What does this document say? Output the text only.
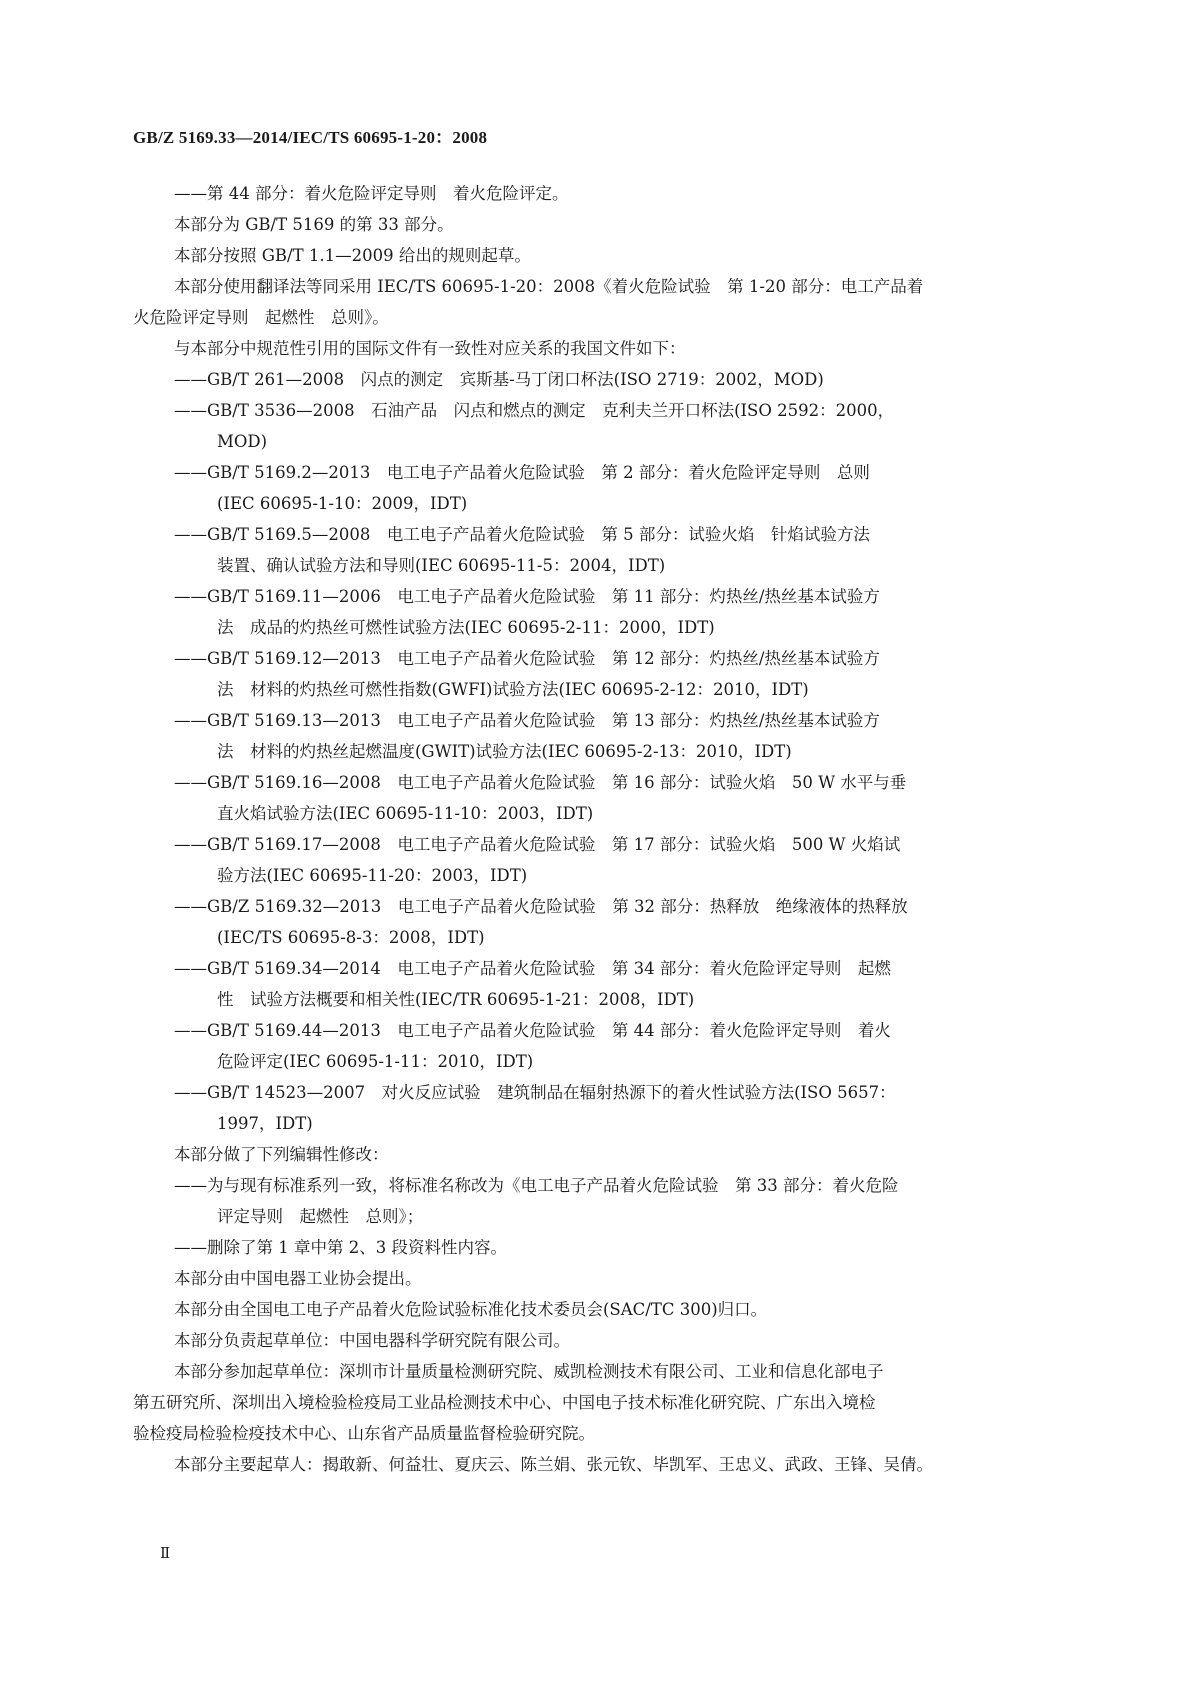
GB/Z 5169.33—2014/IEC/TS 60695-1-20：2008
——第 44 部分：着火危险评定导则　着火危险评定。
本部分为 GB/T 5169 的第 33 部分。
本部分按照 GB/T 1.1—2009 给出的规则起草。
本部分使用翻译法等同采用 IEC/TS 60695-1-20：2008《着火危险试验　第 1-20 部分：电工产品着
火危险评定导则　起燃性　总则》。
与本部分中规范性引用的国际文件有一致性对应关系的我国文件如下：
——GB/T 261—2008　闪点的测定　宾斯基-马丁闭口杯法(ISO 2719：2002，MOD)
——GB/T 3536—2008　石油产品　闪点和燃点的测定　克利夫兰开口杯法(ISO 2592：2000，
MOD)
——GB/T 5169.2—2013　电工电子产品着火危险试验　第 2 部分：着火危险评定导则　总则
(IEC 60695-1-10：2009，IDT)
——GB/T 5169.5—2008　电工电子产品着火危险试验　第 5 部分：试验火焰　针焰试验方法
装置、确认试验方法和导则(IEC 60695-11-5：2004，IDT)
——GB/T 5169.11—2006　电工电子产品着火危险试验　第 11 部分：灼热丝/热丝基本试验方
法　成品的灼热丝可燃性试验方法(IEC 60695-2-11：2000，IDT)
——GB/T 5169.12—2013　电工电子产品着火危险试验　第 12 部分：灼热丝/热丝基本试验方
法　材料的灼热丝可燃性指数(GWFI)试验方法(IEC 60695-2-12：2010，IDT)
——GB/T 5169.13—2013　电工电子产品着火危险试验　第 13 部分：灼热丝/热丝基本试验方
法　材料的灼热丝起燃温度(GWIT)试验方法(IEC 60695-2-13：2010，IDT)
——GB/T 5169.16—2008　电工电子产品着火危险试验　第 16 部分：试验火焰　50 W 水平与垂
直火焰试验方法(IEC 60695-11-10：2003，IDT)
——GB/T 5169.17—2008　电工电子产品着火危险试验　第 17 部分：试验火焰　500 W 火焰试
验方法(IEC 60695-11-20：2003，IDT)
——GB/Z 5169.32—2013　电工电子产品着火危险试验　第 32 部分：热释放　绝缘液体的热释放
(IEC/TS 60695-8-3：2008，IDT)
——GB/T 5169.34—2014　电工电子产品着火危险试验　第 34 部分：着火危险评定导则　起燃
性　试验方法概要和相关性(IEC/TR 60695-1-21：2008，IDT)
——GB/T 5169.44—2013　电工电子产品着火危险试验　第 44 部分：着火危险评定导则　着火
危险评定(IEC 60695-1-11：2010，IDT)
——GB/T 14523—2007　对火反应试验　建筑制品在辐射热源下的着火性试验方法(ISO 5657：
1997，IDT)
本部分做了下列编辑性修改：
——为与现有标准系列一致，将标准名称改为《电工电子产品着火危险试验　第 33 部分：着火危险
评定导则　起燃性　总则》；
——删除了第 1 章中第 2、3 段资料性内容。
本部分由中国电器工业协会提出。
本部分由全国电工电子产品着火危险试验标准化技术委员会(SAC/TC 300)归口。
本部分负责起草单位：中国电器科学研究院有限公司。
本部分参加起草单位：深圳市计量质量检测研究院、威凯检测技术有限公司、工业和信息化部电子
第五研究所、深圳出入境检验检疫局工业品检测技术中心、中国电子技术标准化研究院、广东出入境检
验检疫局检验检疫技术中心、山东省产品质量监督检验研究院。
本部分主要起草人：揭敢新、何益壮、夏庆云、陈兰娟、张元钦、毕凯军、王忠义、武政、王锋、吴倩。
Ⅱ
